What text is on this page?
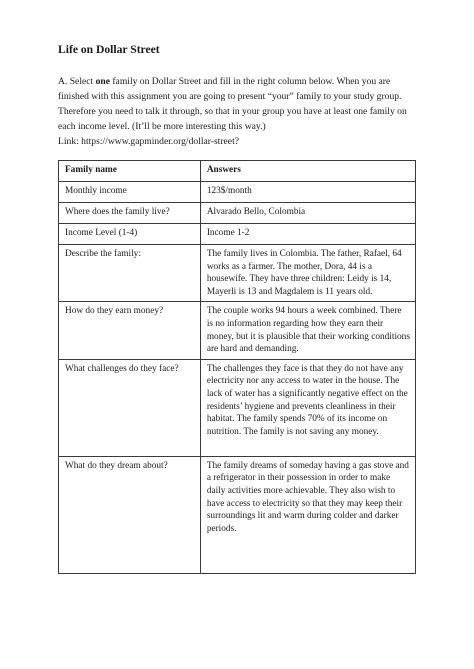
Life on Dollar Street

A. Select one family on Dollar Street and fill in the right column below. When you are finished with this assignment you are going to present “your” family to your study group. Therefore you need to talk it through, so that in your group you have at least one family on each income level. (It’ll be more interesting this way.)

Link: https://www.gapminder.org/dollar-street?

Family name	Answers
Monthly income	123$/month
Where does the family live?	Alvarado Bello, Colombia
Income Level (1-4)	Income 1-2
Describe the family:	The family lives in Colombia. The father, Rafael, 64 works as a farmer. The mother, Dora, 44 is a housewife. They have three children: Leidy is 14, Mayerli is 13 and Magdalem is 11 years old.
How do they earn money?	The couple works 94 hours a week combined. There is no information regarding how they earn their money, but it is plausible that their working conditions are hard and demanding.
What challenges do they face?	The challenges they face is that they do not have any electricity nor any access to water in the house. The lack of water has a significantly negative effect on the residents’ hygiene and prevents cleanliness in their habitat. The family spends 70% of its income on nutrition. The family is not saving any money.
What do they dream about?	The family dreams of someday having a gas stove and a refrigerator in their possession in order to make daily activities more achievable. They also wish to have access to electricity so that they may keep their surroundings lit and warm during colder and darker periods.
